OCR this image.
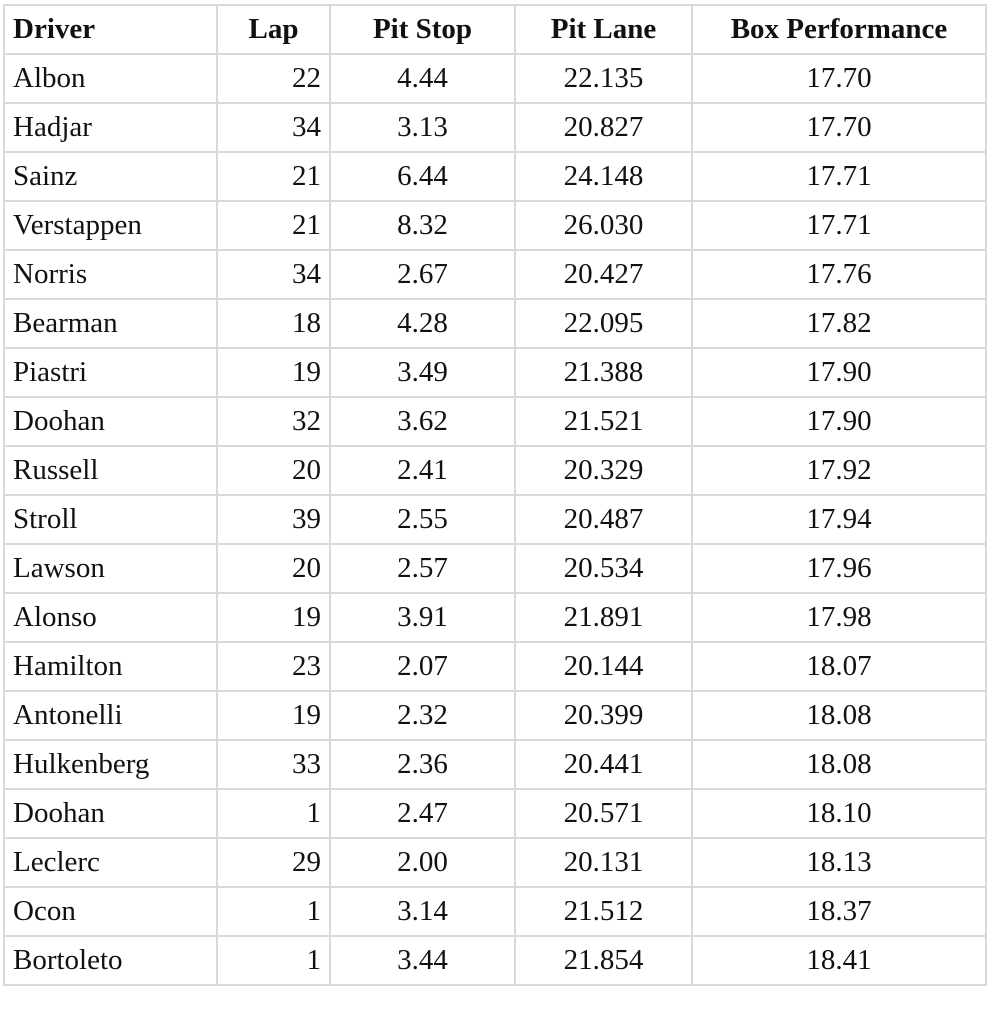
Driver	Lap	Pit Stop	Pit Lane	Box Performance
Albon	22	4.44	22.135	17.70
Hadjar	34	3.13	20.827	17.70
Sainz	21	6.44	24.148	17.71
Verstappen	21	8.32	26.030	17.71
Norris	34	2.67	20.427	17.76
Bearman	18	4.28	22.095	17.82
Piastri	19	3.49	21.388	17.90
Doohan	32	3.62	21.521	17.90
Russell	20	2.41	20.329	17.92
Stroll	39	2.55	20.487	17.94
Lawson	20	2.57	20.534	17.96
Alonso	19	3.91	21.891	17.98
Hamilton	23	2.07	20.144	18.07
Antonelli	19	2.32	20.399	18.08
Hulkenberg	33	2.36	20.441	18.08
Doohan	1	2.47	20.571	18.10
Leclerc	29	2.00	20.131	18.13
Ocon	1	3.14	21.512	18.37
Bortoleto	1	3.44	21.854	18.41
